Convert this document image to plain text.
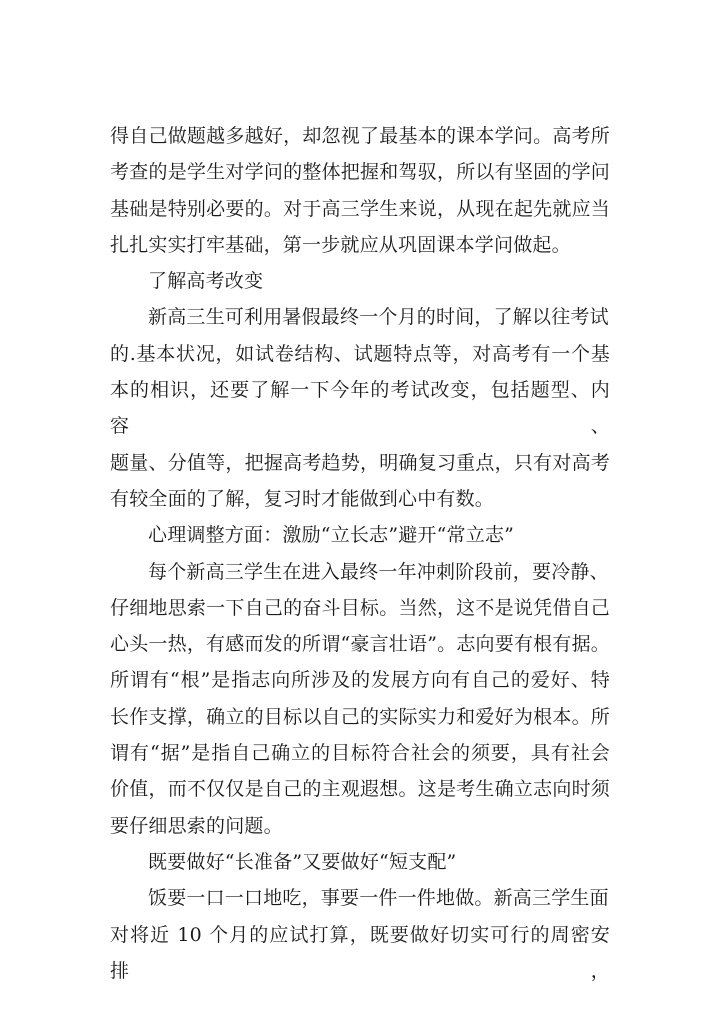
得自己做题越多越好，却忽视了最基本的课本学问。高考所
考查的是学生对学问的整体把握和驾驭，所以有坚固的学问
基础是特别必要的。对于高三学生来说，从现在起先就应当
扎扎实实打牢基础，第一步就应从巩固课本学问做起。
了解高考改变
新高三生可利用暑假最终一个月的时间，了解以往考试
的.基本状况，如试卷结构、试题特点等，对高考有一个基
本的相识，还要了解一下今年的考试改变，包括题型、内容、
题量、分值等，把握高考趋势，明确复习重点，只有对高考
有较全面的了解，复习时才能做到心中有数。
心理调整方面：激励“立长志”避开“常立志”
每个新高三学生在进入最终一年冲刺阶段前，要冷静、
仔细地思索一下自己的奋斗目标。当然，这不是说凭借自己
心头一热，有感而发的所谓“豪言壮语”。志向要有根有据。
所谓有“根”是指志向所涉及的发展方向有自己的爱好、特
长作支撑，确立的目标以自己的实际实力和爱好为根本。所
谓有“据”是指自己确立的目标符合社会的须要，具有社会
价值，而不仅仅是自己的主观遐想。这是考生确立志向时须
要仔细思索的问题。
既要做好“长准备”又要做好“短支配”
饭要一口一口地吃，事要一件一件地做。新高三学生面
对将近 10 个月的应试打算，既要做好切实可行的周密安排，
